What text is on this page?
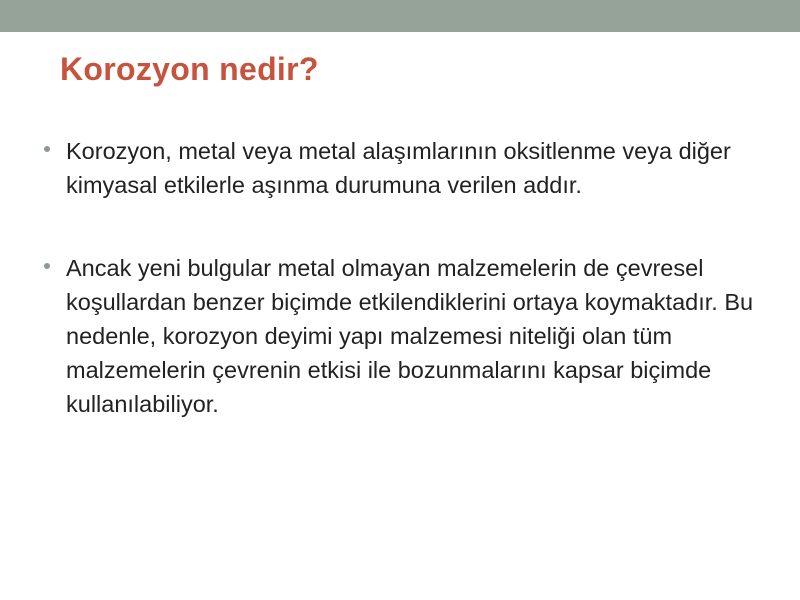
Korozyon nedir?
Korozyon, metal veya metal alaşımlarının oksitlenme veya diğer kimyasal etkilerle aşınma durumuna verilen addır.
Ancak yeni bulgular metal olmayan malzemelerin de çevresel koşullardan benzer biçimde etkilendiklerini ortaya koymaktadır. Bu nedenle, korozyon deyimi yapı malzemesi niteliği olan tüm malzemelerin çevrenin etkisi ile bozunmalarını kapsar biçimde kullanılabiliyor.
